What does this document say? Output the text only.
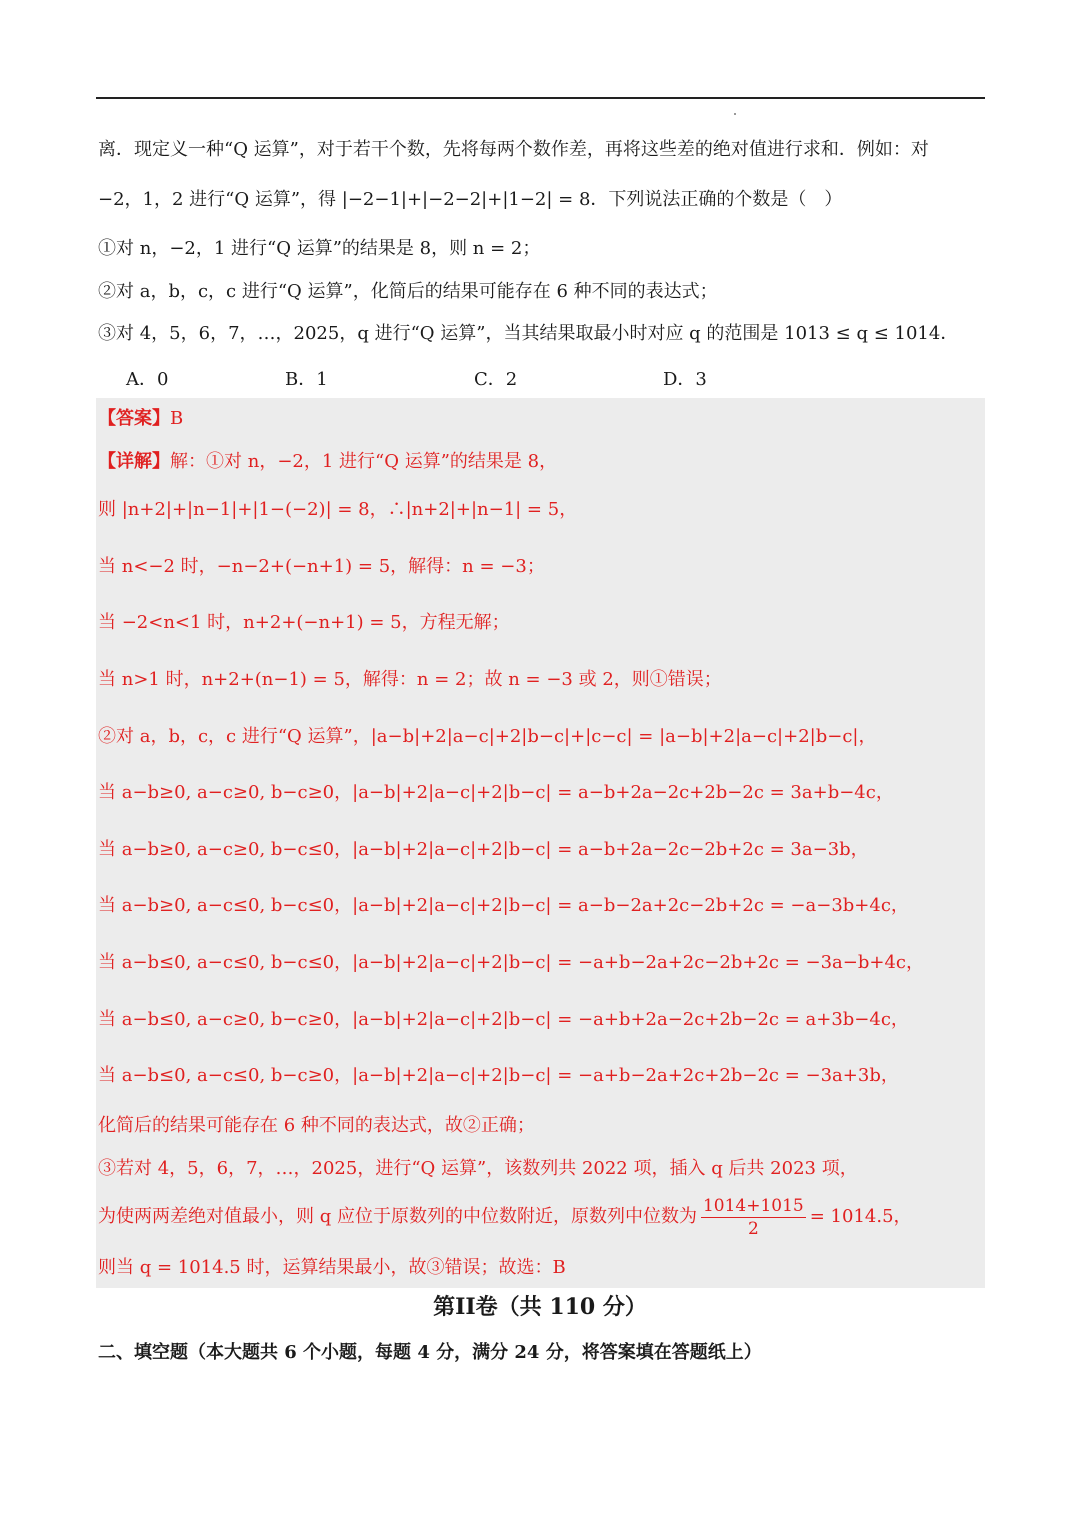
离．现定义一种“Q 运算”，对于若干个数，先将每两个数作差，再将这些差的绝对值进行求和．例如：对
−2，1，2 进行“Q 运算”，得 |−2−1|+|−2−2|+|1−2| = 8．下列说法正确的个数是（　）
①对 n，−2，1 进行“Q 运算”的结果是 8，则 n = 2；
②对 a，b，c，c 进行“Q 运算”，化简后的结果可能存在 6 种不同的表达式；
③对 4，5，6，7，…，2025，q 进行“Q 运算”，当其结果取最小时对应 q 的范围是 1013 ≤ q ≤ 1014．
A．0	B．1	C．2	D．3
【答案】B
【详解】解：①对 n，−2，1 进行“Q 运算”的结果是 8，
则 |n+2|+|n−1|+|1−(−2)| = 8，∴|n+2|+|n−1| = 5，
当 n<−2 时，−n−2+(−n+1) = 5，解得：n = −3；
当 −2<n<1 时，n+2+(−n+1) = 5，方程无解；
当 n>1 时，n+2+(n−1) = 5，解得：n = 2；故 n = −3 或 2，则①错误；
②对 a，b，c，c 进行“Q 运算”，|a−b|+2|a−c|+2|b−c|+|c−c| = |a−b|+2|a−c|+2|b−c|，
当 a−b≥0, a−c≥0, b−c≥0，|a−b|+2|a−c|+2|b−c| = a−b+2a−2c+2b−2c = 3a+b−4c，
当 a−b≥0, a−c≥0, b−c≤0，|a−b|+2|a−c|+2|b−c| = a−b+2a−2c−2b+2c = 3a−3b，
当 a−b≥0, a−c≤0, b−c≤0，|a−b|+2|a−c|+2|b−c| = a−b−2a+2c−2b+2c = −a−3b+4c，
当 a−b≤0, a−c≤0, b−c≤0，|a−b|+2|a−c|+2|b−c| = −a+b−2a+2c−2b+2c = −3a−b+4c，
当 a−b≤0, a−c≥0, b−c≥0，|a−b|+2|a−c|+2|b−c| = −a+b+2a−2c+2b−2c = a+3b−4c，
当 a−b≤0, a−c≤0, b−c≥0，|a−b|+2|a−c|+2|b−c| = −a+b−2a+2c+2b−2c = −3a+3b，
化简后的结果可能存在 6 种不同的表达式，故②正确；
③若对 4，5，6，7，…，2025，进行“Q 运算”，该数列共 2022 项，插入 q 后共 2023 项，
为使两两差绝对值最小，则 q 应位于原数列的中位数附近，原数列中位数为 $\frac{1014+1015}{2} = 1014.5$，
则当 q = 1014.5 时，运算结果最小，故③错误；故选：B
第II卷（共 110 分）
二、填空题（本大题共 6 个小题，每题 4 分，满分 24 分，将答案填在答题纸上）
